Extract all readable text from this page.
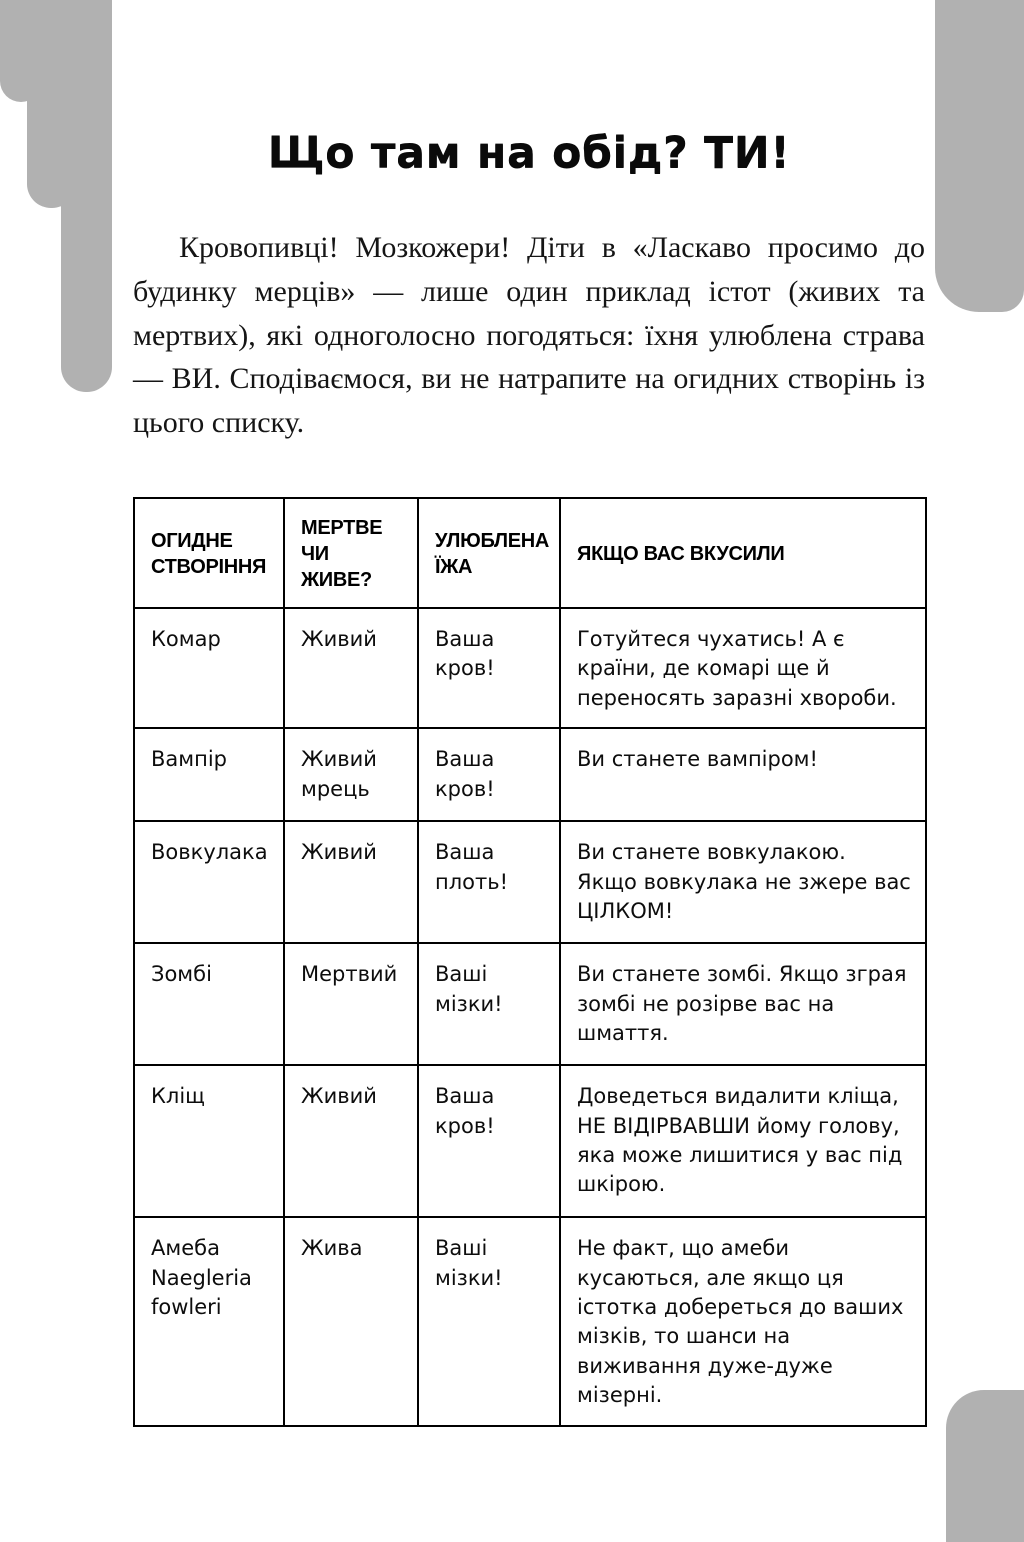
Що там на обід? ТИ!

Кровопивці! Мозкожери! Діти в «Ласкаво просимо до будинку мерців» — лише один приклад істот (живих та мертвих), які одноголосно погодяться: їхня улюблена страва — ВИ. Сподіваємося, ви не натрапите на огидних створінь із цього списку.

ОГИДНЕ СТВОРІННЯ	МЕРТВЕ ЧИ ЖИВЕ?	УЛЮБЛЕНА ЇЖА	ЯКЩО ВАС ВКУСИЛИ
Комар	Живий	Ваша кров!	Готуйтеся чухатись! А є країни, де комарі ще й переносять заразні хвороби.
Вампір	Живий мрець	Ваша кров!	Ви станете вампіром!
Вовкулака	Живий	Ваша плоть!	Ви станете вовкулакою. Якщо вовкулака не зжере вас ЦІЛКОМ!
Зомбі	Мертвий	Ваші мізки!	Ви станете зомбі. Якщо зграя зомбі не розірве вас на шмаття.
Кліщ	Живий	Ваша кров!	Доведеться видалити кліща, НЕ ВІДІРВАВШИ йому голову, яка може лишитися у вас під шкірою.
Амеба Naegleria fowleri	Жива	Ваші мізки!	Не факт, що амеби кусаються, але якщо ця істотка добереться до ваших мізків, то шанси на виживання дуже-дуже мізерні.
